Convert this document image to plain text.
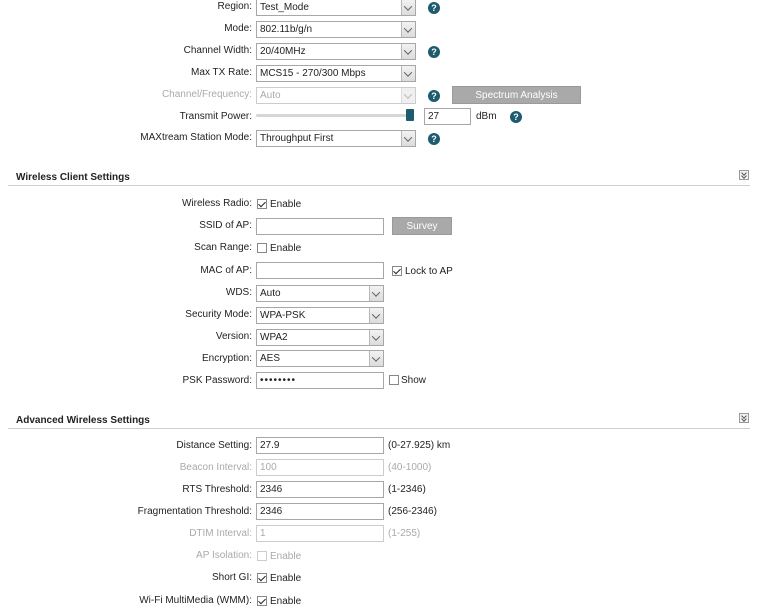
Region: Test_Mode	?
Mode: 802.11b/g/n
Channel Width: 20/40MHz	?
Max TX Rate: MCS15 - 270/300 Mbps
Channel/Frequency: Auto	?	Spectrum Analysis
Transmit Power:	27	dBm	?
MAXtream Station Mode: Throughput First	?
Wireless Client Settings
Wireless Radio: Enable
SSID of AP:	Survey
Scan Range: Enable
MAC of AP:	Lock to AP
WDS: Auto
Security Mode: WPA-PSK
Version: WPA2
Encryption: AES
PSK Password: ••••••••	Show
Advanced Wireless Settings
Distance Setting: 27.9	(0-27.925) km
Beacon Interval: 100	(40-1000)
RTS Threshold: 2346	(1-2346)
Fragmentation Threshold: 2346	(256-2346)
DTIM Interval: 1	(1-255)
AP Isolation: Enable
Short GI: Enable
Wi-Fi MultiMedia (WMM): Enable
